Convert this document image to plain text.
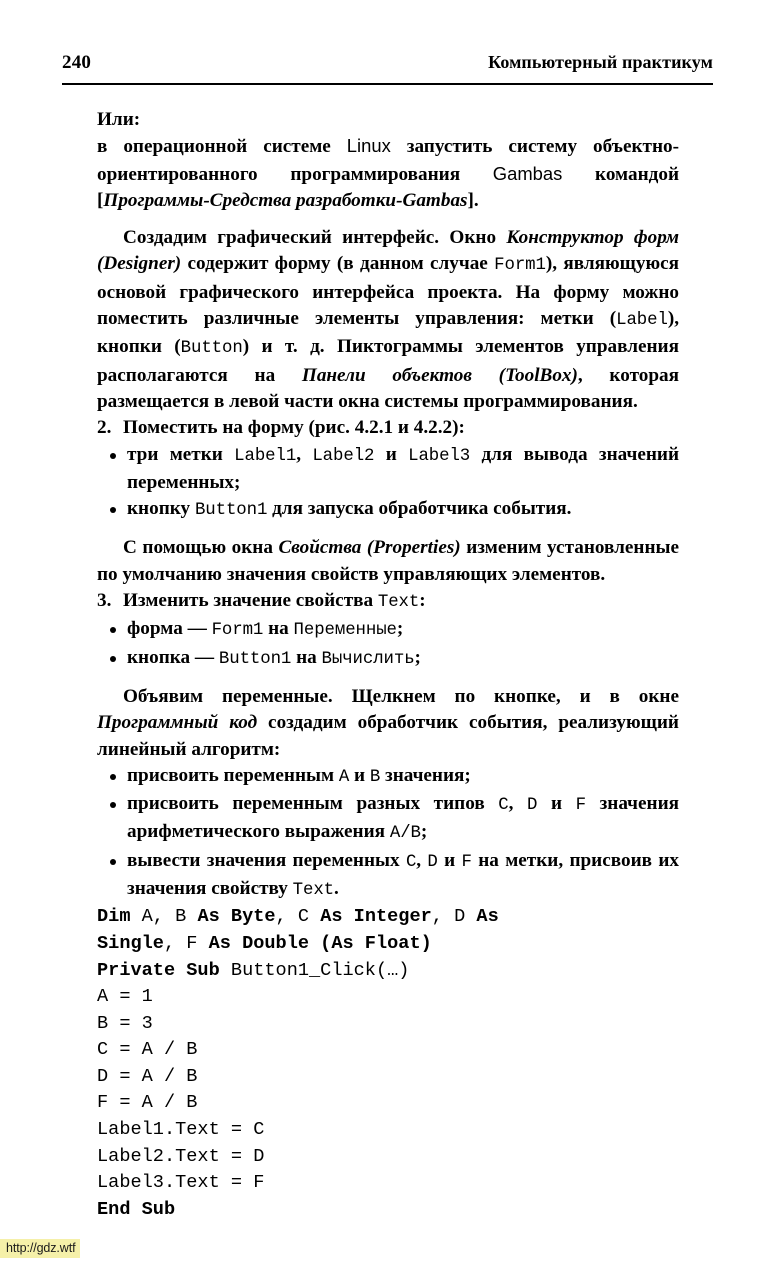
240	Компьютерный практикум

Или:

в операционной системе Linux запустить систему объектно-ориентированного программирования Gambas командой [Программы-Средства разработки-Gambas].

Создадим графический интерфейс. Окно Конструктор форм (Designer) содержит форму (в данном случае Form1), являющуюся основой графического интерфейса проекта. На форму можно поместить различные элементы управления: метки (Label), кнопки (Button) и т. д. Пиктограммы элементов управления располагаются на Панели объектов (ToolBox), которая размещается в левой части окна системы программирования.

2. Поместить на форму (рис. 4.2.1 и 4.2.2):

три метки Label1, Label2 и Label3 для вывода значений переменных;
кнопку Button1 для запуска обработчика события.

С помощью окна Свойства (Properties) изменим установленные по умолчанию значения свойств управляющих элементов.

3. Изменить значение свойства Text:

форма — Form1 на Переменные;
кнопка — Button1 на Вычислить;

Объявим переменные. Щелкнем по кнопке, и в окне Программный код создадим обработчик события, реализующий линейный алгоритм:

присвоить переменным A и B значения;
присвоить переменным разных типов C, D и F значения арифметического выражения A/B;
вывести значения переменных C, D и F на метки, присвоив их значения свойству Text.
Dim A, B As Byte, C As Integer, D As
Single, F As Double (As Float)
Private Sub Button1_Click(…)
A = 1
B = 3
C = A / B
D = A / B
F = A / B
Label1.Text = C
Label2.Text = D
Label3.Text = F
End Sub
http://gdz.wtf
